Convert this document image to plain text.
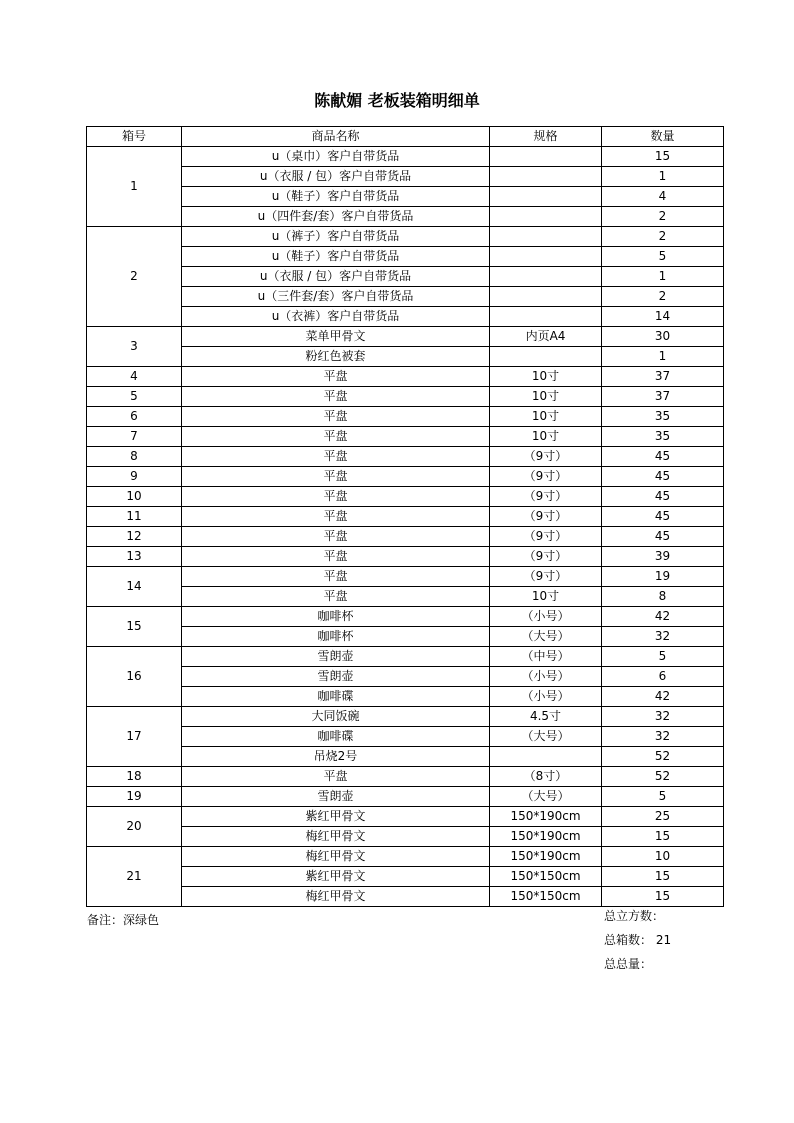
陈献媚 老板装箱明细单
箱号	商品名称	规格	数量
1	u（桌巾）客户自带货品		15
	u（衣服 / 包）客户自带货品		1
	u（鞋子）客户自带货品		4
	u（四件套/套）客户自带货品		2
2	u（裤子）客户自带货品		2
	u（鞋子）客户自带货品		5
	u（衣服 / 包）客户自带货品		1
	u（三件套/套）客户自带货品		2
	u（衣裤）客户自带货品		14
3	菜单甲骨文	内页A4	30
	粉红色被套		1
4	平盘	10寸	37
5	平盘	10寸	37
6	平盘	10寸	35
7	平盘	10寸	35
8	平盘	（9寸）	45
9	平盘	（9寸）	45
10	平盘	（9寸）	45
11	平盘	（9寸）	45
12	平盘	（9寸）	45
13	平盘	（9寸）	39
14	平盘	（9寸）	19
	平盘	10寸	8
15	咖啡杯	（小号）	42
	咖啡杯	（大号）	32
16	雪朗壶	（中号）	5
	雪朗壶	（小号）	6
	咖啡碟	（小号）	42
17	大同饭碗	4.5寸	32
	咖啡碟	（大号）	32
	吊烧2号		52
18	平盘	（8寸）	52
19	雪朗壶	（大号）	5
20	紫红甲骨文	150*190cm	25
	梅红甲骨文	150*190cm	15
21	梅红甲骨文	150*190cm	10
	紫红甲骨文	150*150cm	15
	梅红甲骨文	150*150cm	15
备注：深绿色	总立方数：
总箱数： 21
总总量：
